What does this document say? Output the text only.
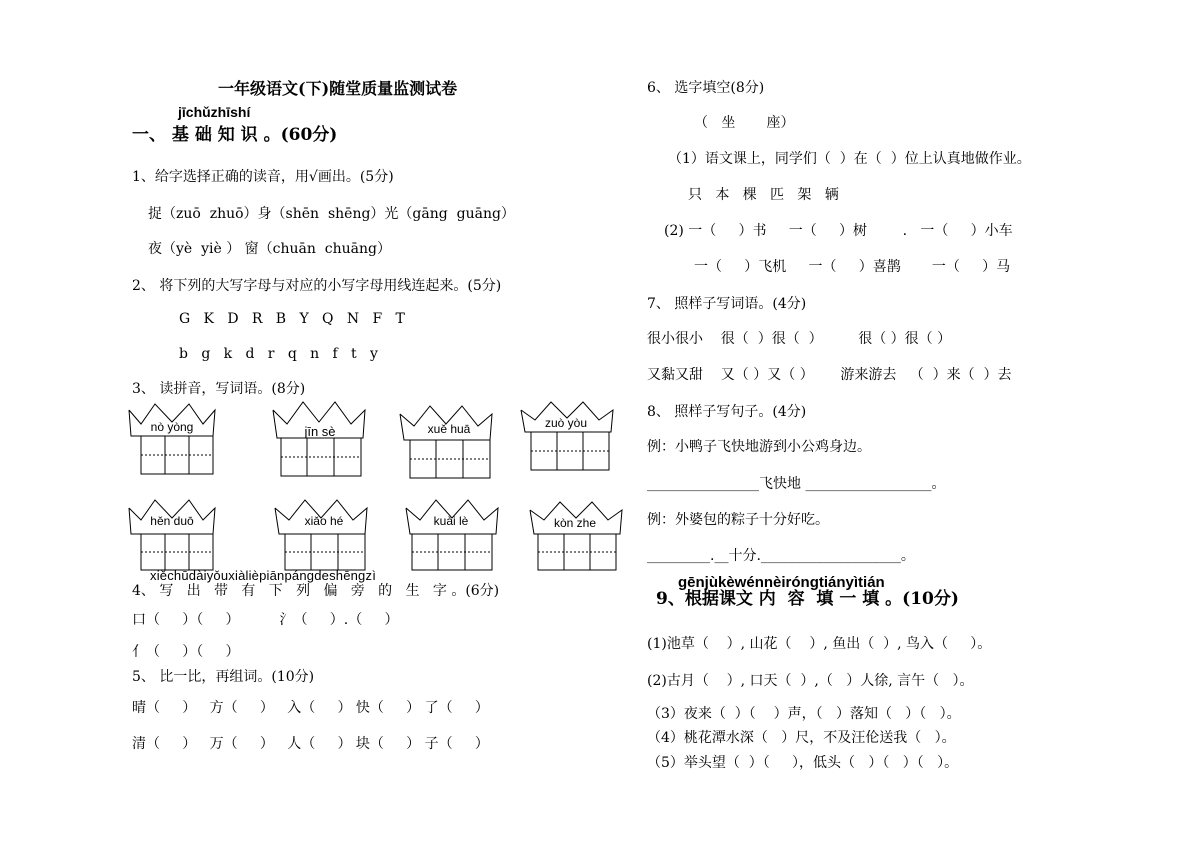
一年级语文(下)随堂质量监测试卷
jīchǔzhīshí
一、 基 础 知 识 。(60分)
1、给字选择正确的读音，用√画出。(5分)
捉（zuō  zhuō）身（shēn  shēng）光（gāng  guāng）
夜（yè  yiè ） 窗（chuān  chuāng）
2、 将下列的大写字母与对应的小写字母用线连起来。(5分)
G   K   D   R   B   Y   Q   N   F   T
b   g   k   d   r   q   n   f   t   y
3、 读拼音，写词语。(8分)
nò yòng	jīn sè	xuě huā	zuò yòu
hěn duō	xiǎo hé	kuài lè	kòn zhe
xiěchūdàiyǒuxiàlièpiānpángdeshēngzì
4、 写   出   带   有   下   列   偏   旁   的   生   字 。(6分)
口（     ）（     ）         氵（     ）.（     ）
亻（     ）（     ）
5、 比一比，再组词。(10分)
晴（     ）   方（     ）   入（     ） 快（     ） 了（     ）
清（     ）   万（     ）   人（     ） 块（     ） 子（     ）
6、 选字填空(8分)
（   坐       座）
（1）语文课上，同学们（  ）在（  ）位上认真地做作业。
只   本   棵   匹   架   辆
(2) 一（     ）书     一（     ）树        .   一（     ）小车
一（     ）飞机     一（     ）喜鹊       一（     ）马
7、 照样子写词语。(4分)
很小很小    很（  ）很（  ）        很（ ）很（ ）
又黏又甜    又（ ）又（ ）      游来游去   （  ）来（  ）去
8、 照样子写句子。(4分)
例：小鸭子飞快地游到小公鸡身边。
________________飞快地 __________________。
例：外婆包的粽子十分好吃。
_________.__十分.____________________。
gēnjùkèwénnèiróngtiányìtián
9、根据课文 内  容  填 一 填 。(10分)
(1)池草（    ）, 山花（    ）, 鱼出（  ）, 鸟入（     ）。
(2)古月（    ）, 口天（  ）,（   ）人徐, 言午（   ）。
（3）夜来（  ）（    ）声，（   ）落知（   ）（   ）。
（4）桃花潭水深（   ）尺，不及汪伦送我（   ）。
（5）举头望（  ）（     ），低头（   ）（   ）（   ）。
